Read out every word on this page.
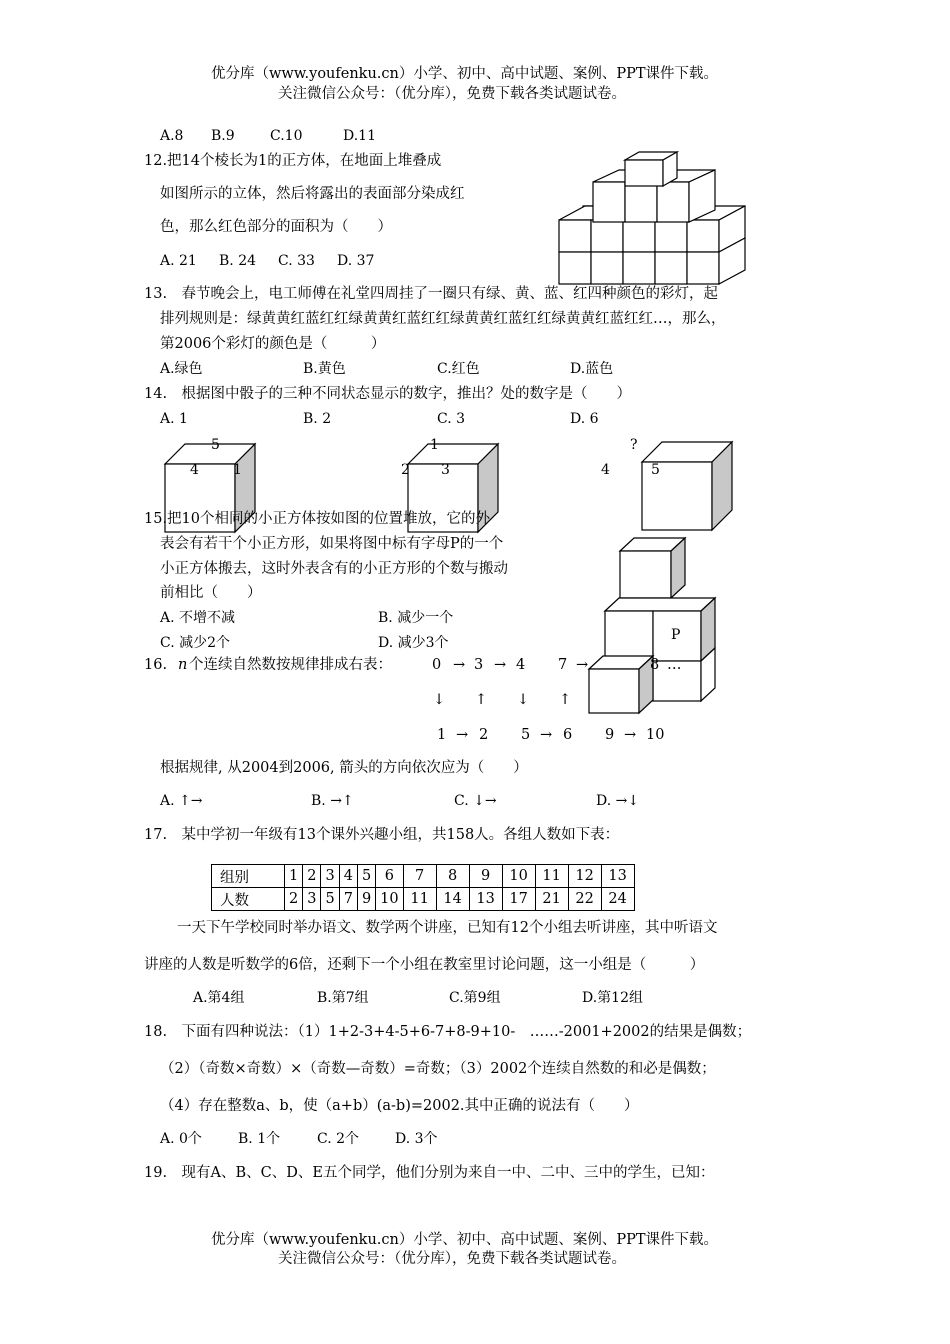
优分库（www.youfenku.cn）小学、初中、高中试题、案例、PPT课件下载。
关注微信公众号：（优分库），免费下载各类试题试卷。
A.8 B.9	C.10	D.11
12.把14个棱长为1的正方体，在地面上堆叠成
如图所示的立体，然后将露出的表面部分染成红
色，那么红色部分的面积为（　　）
A. 21 B. 24 C. 33 D. 37
13.　春节晚会上，电工师傅在礼堂四周挂了一圈只有绿、黄、蓝、红四种颜色的彩灯，起
排列规则是：绿黄黄红蓝红红绿黄黄红蓝红红绿黄黄红蓝红红绿黄黄红蓝红红…，那么，
第2006个彩灯的颜色是（　　　）
A.绿色	B.黄色	C.红色	D.蓝色
14.　根据图中骰子的三种不同状态显示的数字，推出？处的数字是（　　）
A. 1	B. 2	C. 3	D. 6
5
4 1
1
2 3
?
4	5
15.把10个相同的小正方体按如图的位置堆放，它的外
表会有若干个小正方形，如果将图中标有字母P的一个
小正方体搬去，这时外表含有的小正方形的个数与搬动
前相比（　　）
A. 不增不减	B. 减少一个
C. 减少2个	D. 减少3个	P
16. n 个连续自然数按规律排成右表：	0 → 3 → 4 7 →	8 …
↓ ↑ ↓ ↑
1 → 2 5 → 6 9 → 10
根据规律, 从2004到2006, 箭头的方向依次应为（　　）
A. ↑→	B. →↑	C. ↓→	D. →↓
17.　某中学初一年级有13个课外兴趣小组，共158人。各组人数如下表：
组别	1	2	3	4	5	6	7	8	9	10	11	12	13
人数	2	3	5	7	9	10	11	14	13	17	21	22	24
一天下午学校同时举办语文、数学两个讲座，已知有12个小组去听讲座，其中听语文
讲座的人数是听数学的6倍，还剩下一个小组在教室里讨论问题，这一小组是（　　　）
A.第4组	B.第7组	C.第9组	D.第12组
18.　下面有四种说法：（1）1+2-3+4-5+6-7+8-9+10-　……-2001+2002的结果是偶数；
（2）（奇数×奇数）×（奇数—奇数）=奇数；（3）2002个连续自然数的和必是偶数；
（4）存在整数a、b，使（a+b）(a-b)=2002.其中正确的说法有（　　）
A. 0个	B. 1个	C. 2个	D. 3个
19.　现有A、B、C、D、E五个同学，他们分别为来自一中、二中、三中的学生，已知：
优分库（www.youfenku.cn）小学、初中、高中试题、案例、PPT课件下载。
关注微信公众号：（优分库），免费下载各类试题试卷。
